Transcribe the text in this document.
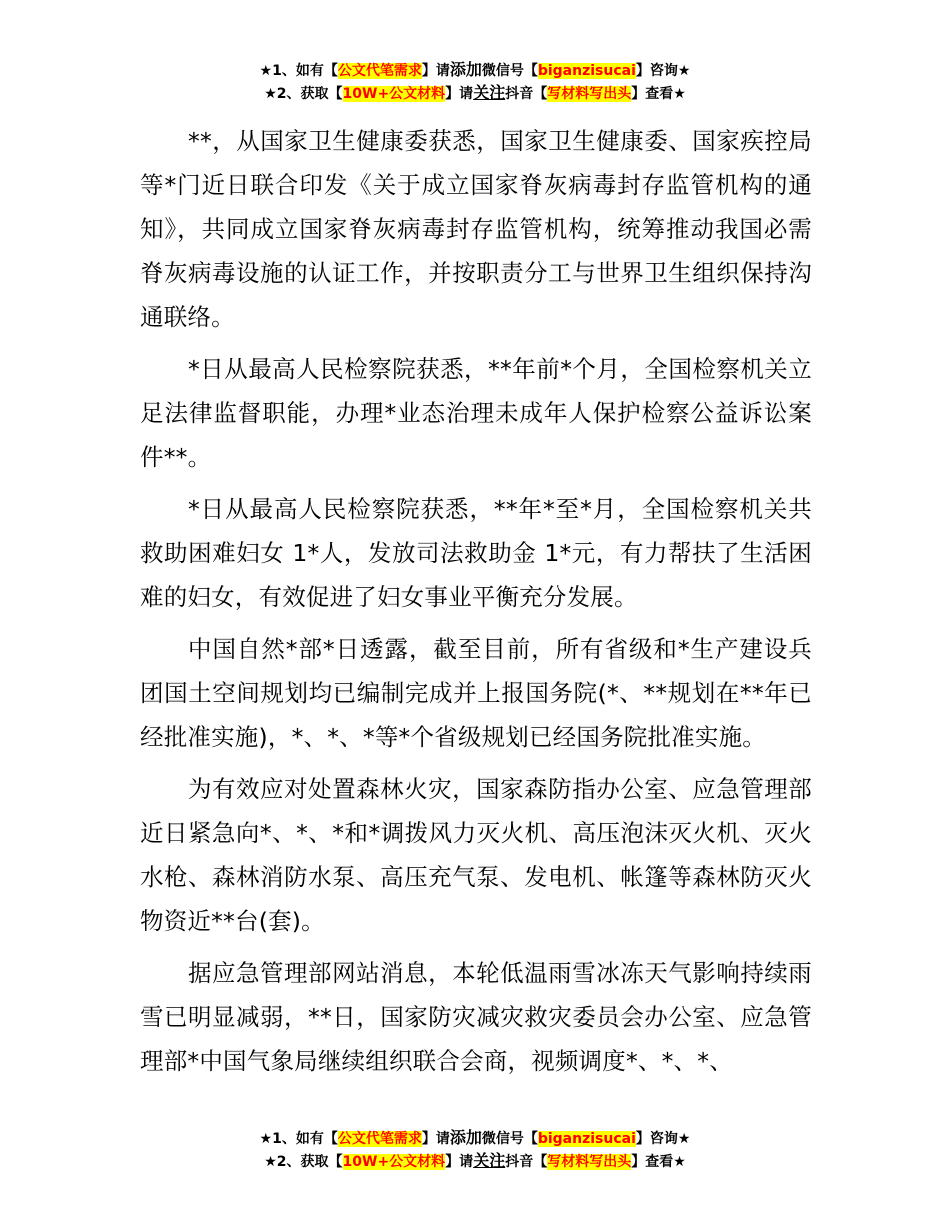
★1、如有【公文代笔需求】请添加微信号【biganzisucai】咨询★
★2、获取【10W+公文材料】请关注抖音【写材料写出头】查看★

**，从国家卫生健康委获悉，国家卫生健康委、国家疾控局等*门近日联合印发《关于成立国家脊灰病毒封存监管机构的通知》，共同成立国家脊灰病毒封存监管机构，统筹推动我国必需脊灰病毒设施的认证工作，并按职责分工与世界卫生组织保持沟通联络。

*日从最高人民检察院获悉，**年前*个月，全国检察机关立足法律监督职能，办理*业态治理未成年人保护检察公益诉讼案件**。

*日从最高人民检察院获悉，**年*至*月，全国检察机关共救助困难妇女 1*人，发放司法救助金 1*元，有力帮扶了生活困难的妇女，有效促进了妇女事业平衡充分发展。

中国自然*部*日透露，截至目前，所有省级和*生产建设兵团国土空间规划均已编制完成并上报国务院(*、**规划在**年已经批准实施)，*、*、*等*个省级规划已经国务院批准实施。

为有效应对处置森林火灾，国家森防指办公室、应急管理部近日紧急向*、*、*和*调拨风力灭火机、高压泡沫灭火机、灭火水枪、森林消防水泵、高压充气泵、发电机、帐篷等森林防灭火物资近**台(套)。

据应急管理部网站消息，本轮低温雨雪冰冻天气影响持续雨雪已明显减弱，**日，国家防灾减灾救灾委员会办公室、应急管理部*中国气象局继续组织联合会商，视频调度*、*、*、

★1、如有【公文代笔需求】请添加微信号【biganzisucai】咨询★
★2、获取【10W+公文材料】请关注抖音【写材料写出头】查看★
